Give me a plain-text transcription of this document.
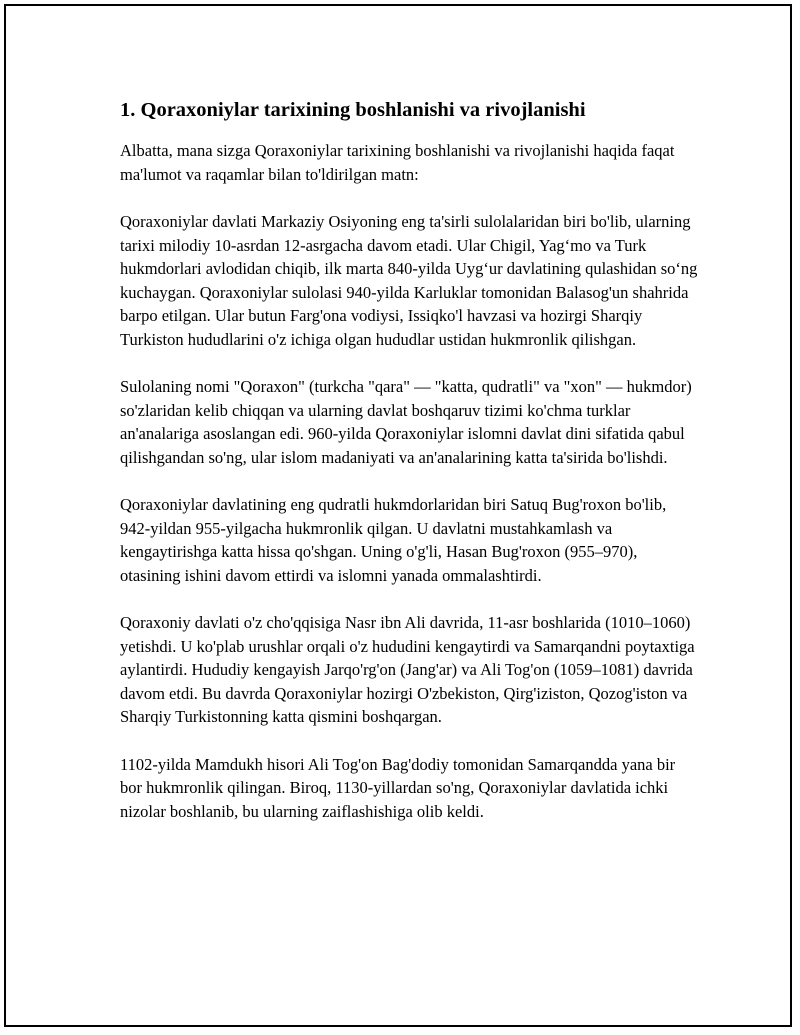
1. Qoraxoniylar tarixining boshlanishi va rivojlanishi

Albatta, mana sizga Qoraxoniylar tarixining boshlanishi va rivojlanishi haqida faqat ma'lumot va raqamlar bilan to'ldirilgan matn:

Qoraxoniylar davlati Markaziy Osiyoning eng ta'sirli sulolalaridan biri bo'lib, ularning tarixi milodiy 10-asrdan 12-asrgacha davom etadi. Ular Chigil, Yag‘mo va Turk hukmdorlari avlodidan chiqib, ilk marta 840-yilda Uyg‘ur davlatining qulashidan so‘ng kuchaygan. Qoraxoniylar sulolasi 940-yilda Karluklar tomonidan Balasog'un shahrida barpo etilgan. Ular butun Farg'ona vodiysi, Issiqko'l havzasi va hozirgi Sharqiy Turkiston hududlarini o'z ichiga olgan hududlar ustidan hukmronlik qilishgan.

Sulolaning nomi "Qoraxon" (turkcha "qara" — "katta, qudratli" va "xon" — hukmdor) so'zlaridan kelib chiqqan va ularning davlat boshqaruv tizimi ko'chma turklar an'analariga asoslangan edi. 960-yilda Qoraxoniylar islomni davlat dini sifatida qabul qilishgandan so'ng, ular islom madaniyati va an'analarining katta ta'sirida bo'lishdi.

Qoraxoniylar davlatining eng qudratli hukmdorlaridan biri Satuq Bug'roxon bo'lib, 942-yildan 955-yilgacha hukmronlik qilgan. U davlatni mustahkamlash va kengaytirishga katta hissa qo'shgan. Uning o'g'li, Hasan Bug'roxon (955–970), otasining ishini davom ettirdi va islomni yanada ommalashtirdi.

Qoraxoniy davlati o'z cho'qqisiga Nasr ibn Ali davrida, 11-asr boshlarida (1010–1060) yetishdi. U ko'plab urushlar orqali o'z hududini kengaytirdi va Samarqandni poytaxtiga aylantirdi. Hududiy kengayish Jarqo'rg'on (Jang'ar) va Ali Tog'on (1059–1081) davrida davom etdi. Bu davrda Qoraxoniylar hozirgi O'zbekiston, Qirg'iziston, Qozog'iston va Sharqiy Turkistonning katta qismini boshqargan.

1102-yilda Mamdukh hisori Ali Tog'on Bag'dodiy tomonidan Samarqandda yana bir bor hukmronlik qilingan. Biroq, 1130-yillardan so'ng, Qoraxoniylar davlatida ichki nizolar boshlanib, bu ularning zaiflashishiga olib keldi.
